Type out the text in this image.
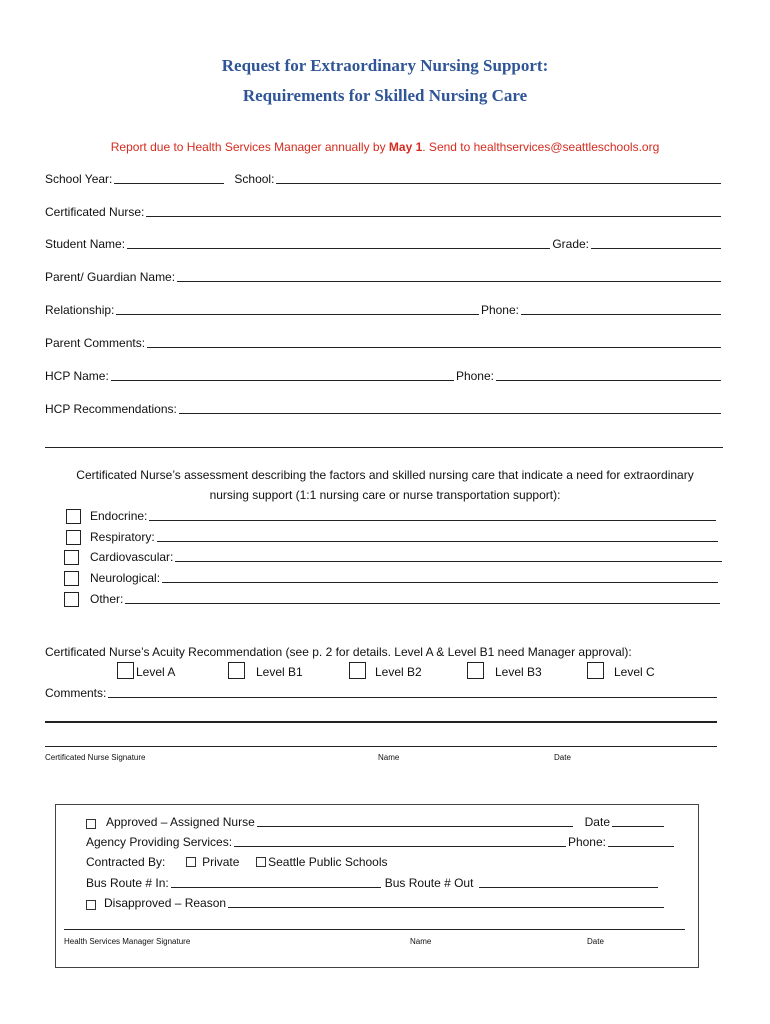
Request for Extraordinary Nursing Support:
Requirements for Skilled Nursing Care
Report due to Health Services Manager annually by May 1. Send to healthservices@seattleschools.org
School Year:	School:
Certificated Nurse:
Student Name:	Grade:
Parent/ Guardian Name:
Relationship:	Phone:
Parent Comments:
HCP Name:	Phone:
HCP Recommendations:
Certificated Nurse’s assessment describing the factors and skilled nursing care that indicate a need for extraordinary
nursing support (1:1 nursing care or nurse transportation support):
Endocrine:
Respiratory:
Cardiovascular:
Neurological:
Other:
Certificated Nurse’s Acuity Recommendation (see p. 2 for details. Level A & Level B1 need Manager approval):
Level A	Level B1	Level B2	Level B3	Level C
Comments:
Certificated Nurse Signature	Name	Date
Approved – Assigned Nurse	Date
Agency Providing Services:	Phone:
Contracted By:	Private Seattle Public Schools
Bus Route # In:	Bus Route # Out
Disapproved – Reason
Health Services Manager Signature	Name	Date
